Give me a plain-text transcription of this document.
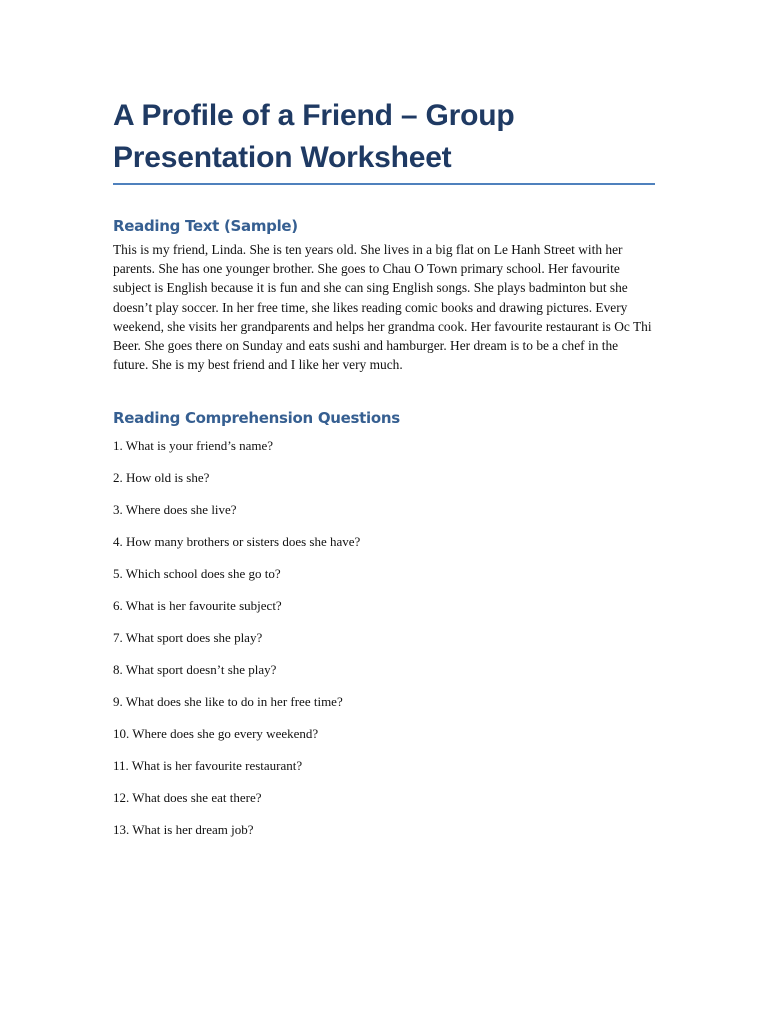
A Profile of a Friend – Group Presentation Worksheet
Reading Text (Sample)

This is my friend, Linda. She is ten years old. She lives in a big flat on Le Hanh Street with her parents. She has one younger brother. She goes to Chau O Town primary school. Her favourite subject is English because it is fun and she can sing English songs. She plays badminton but she doesn’t play soccer. In her free time, she likes reading comic books and drawing pictures. Every weekend, she visits her grandparents and helps her grandma cook. Her favourite restaurant is Oc Thi Beer. She goes there on Sunday and eats sushi and hamburger. Her dream is to be a chef in the future. She is my best friend and I like her very much.

Reading Comprehension Questions
1. What is your friend’s name?
2. How old is she?
3. Where does she live?
4. How many brothers or sisters does she have?
5. Which school does she go to?
6. What is her favourite subject?
7. What sport does she play?
8. What sport doesn’t she play?
9. What does she like to do in her free time?
10. Where does she go every weekend?
11. What is her favourite restaurant?
12. What does she eat there?
13. What is her dream job?
